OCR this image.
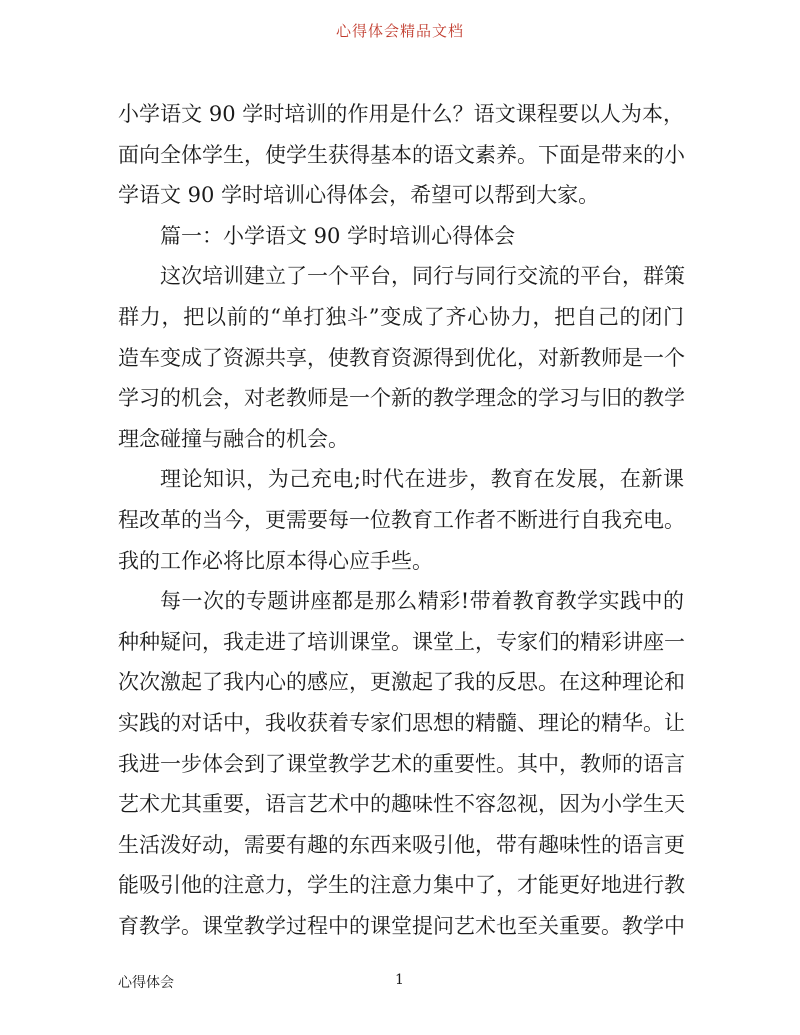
心得体会精品文档
小学语文 90 学时培训的作用是什么？语文课程要以人为本，
面向全体学生，使学生获得基本的语文素养。下面是带来的小
学语文 90 学时培训心得体会，希望可以帮到大家。
篇一：小学语文 90 学时培训心得体会
这次培训建立了一个平台，同行与同行交流的平台，群策
群力，把以前的“单打独斗”变成了齐心协力，把自己的闭门
造车变成了资源共享，使教育资源得到优化，对新教师是一个
学习的机会，对老教师是一个新的教学理念的学习与旧的教学
理念碰撞与融合的机会。
理论知识，为己充电;时代在进步，教育在发展，在新课
程改革的当今，更需要每一位教育工作者不断进行自我充电。
我的工作必将比原本得心应手些。
每一次的专题讲座都是那么精彩!带着教育教学实践中的
种种疑问，我走进了培训课堂。课堂上，专家们的精彩讲座一
次次激起了我内心的感应，更激起了我的反思。在这种理论和
实践的对话中，我收获着专家们思想的精髓、理论的精华。让
我进一步体会到了课堂教学艺术的重要性。其中，教师的语言
艺术尤其重要，语言艺术中的趣味性不容忽视，因为小学生天
生活泼好动，需要有趣的东西来吸引他，带有趣味性的语言更
能吸引他的注意力，学生的注意力集中了，才能更好地进行教
育教学。课堂教学过程中的课堂提问艺术也至关重要。教学中
心得体会	1
